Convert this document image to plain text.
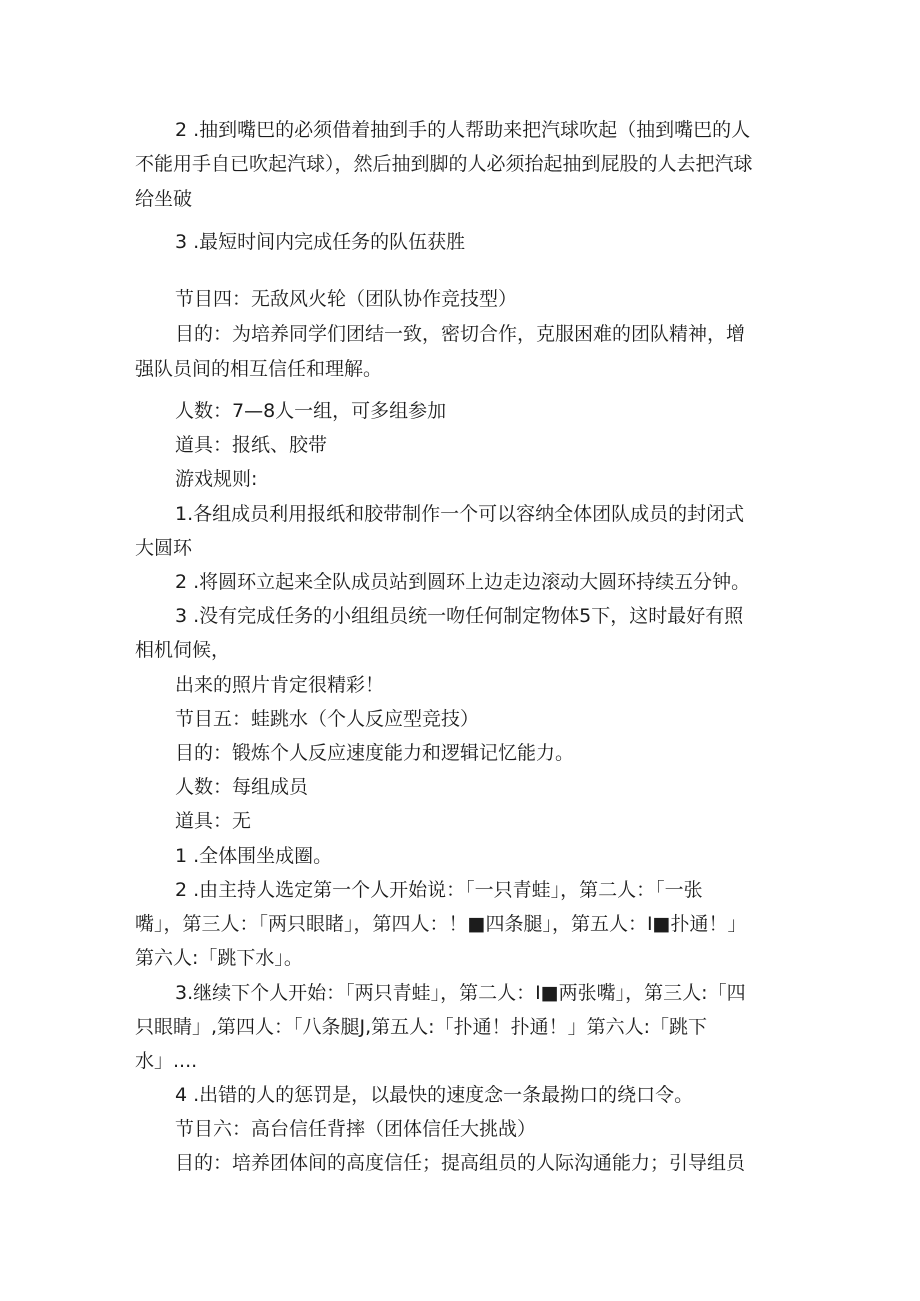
2 .抽到嘴巴的必须借着抽到手的人帮助来把汽球吹起（抽到嘴巴的人
不能用手自已吹起汽球），然后抽到脚的人必须抬起抽到屁股的人去把汽球
给坐破
3 .最短时间内完成任务的队伍获胜
节目四：无敌风火轮（团队协作竞技型）
目的：为培养同学们团结一致，密切合作，克服困难的团队精神，增
强队员间的相互信任和理解。
人数：7—8人一组，可多组参加
道具：报纸、胶带
游戏规则:
1.各组成员利用报纸和胶带制作一个可以容纳全体团队成员的封闭式
大圆环
2 .将圆环立起来全队成员站到圆环上边走边滚动大圆环持续五分钟。
3 .没有完成任务的小组组员统一吻任何制定物体5下，这时最好有照
相机伺候，
出来的照片肯定很精彩！
节目五：蛙跳水（个人反应型竞技）
目的：锻炼个人反应速度能力和逻辑记忆能力。
人数：每组成员
道具：无
1 .全体围坐成圈。
2 .由主持人选定第一个人开始说：「一只青蛙」，第二人：「一张
嘴」，第三人：「两只眼睹」，第四人：！■四条腿」，第五人：I■扑通！」
第六人:「跳下水」。
3.继续下个人开始：「两只青蛙」，第二人：I■两张嘴」，第三人:「四
只眼睛」,第四人：「八条腿J,第五人:「扑通！扑通！」第六人:「跳下
水」....
4 .出错的人的惩罚是，以最快的速度念一条最拗口的绕口令。
节目六：高台信任背摔（团体信任大挑战）
目的：培养团体间的高度信任；提高组员的人际沟通能力；引导组员
